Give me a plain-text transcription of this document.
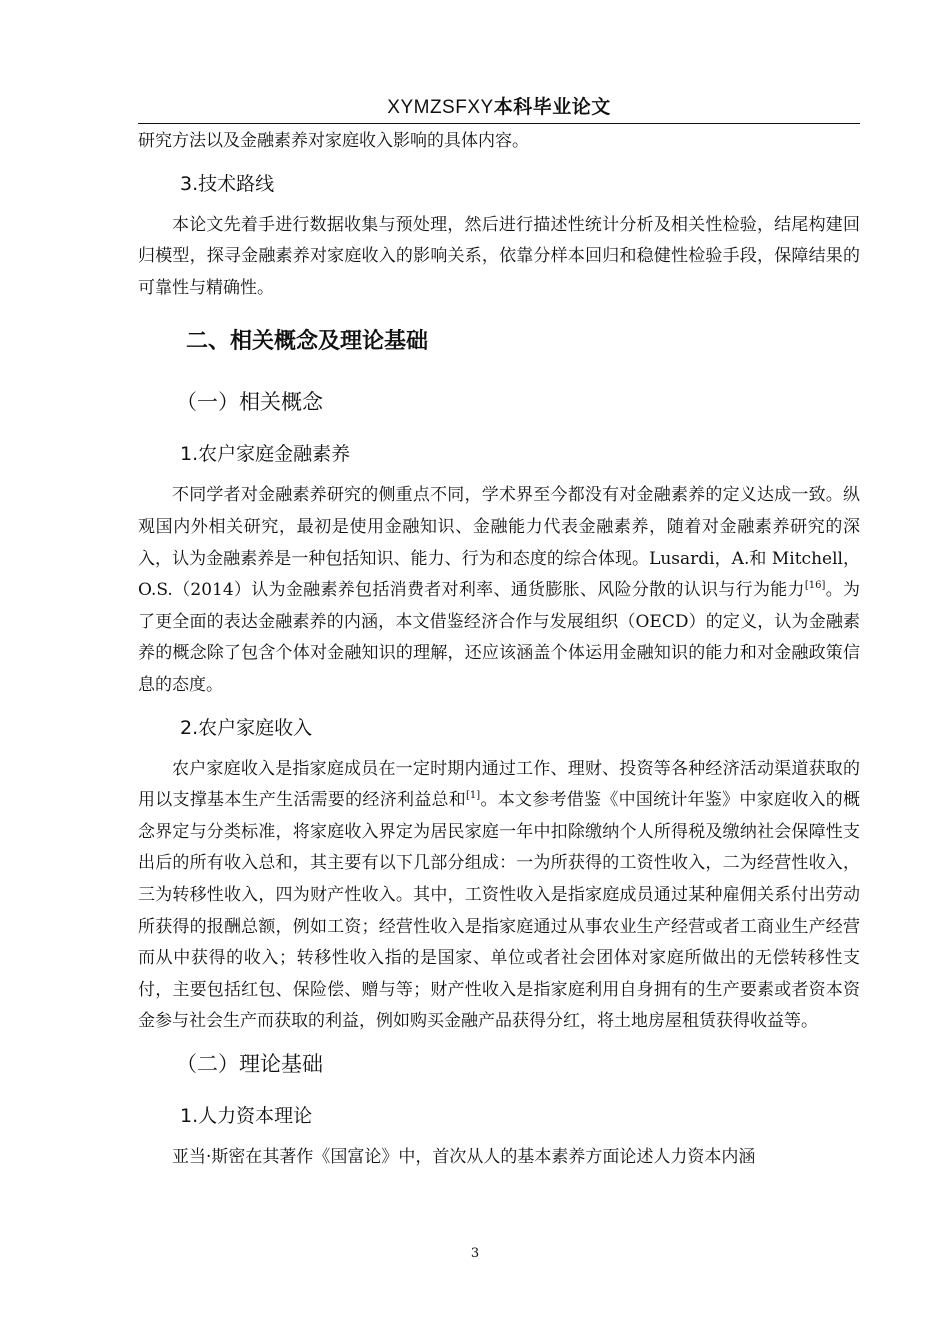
XYMZSFXY本科毕业论文

研究方法以及金融素养对家庭收入影响的具体内容。

3.技术路线

本论文先着手进行数据收集与预处理，然后进行描述性统计分析及相关性检验，结尾构建回归模型，探寻金融素养对家庭收入的影响关系，依靠分样本回归和稳健性检验手段，保障结果的可靠性与精确性。

二、相关概念及理论基础
（一）相关概念
1.农户家庭金融素养

不同学者对金融素养研究的侧重点不同，学术界至今都没有对金融素养的定义达成一致。纵观国内外相关研究，最初是使用金融知识、金融能力代表金融素养，随着对金融素养研究的深入，认为金融素养是一种包括知识、能力、行为和态度的综合体现。Lusardi，A.和 Mitchell，O.S.（2014）认为金融素养包括消费者对利率、通货膨胀、风险分散的认识与行为能力[16]。为了更全面的表达金融素养的内涵，本文借鉴经济合作与发展组织（OECD）的定义，认为金融素养的概念除了包含个体对金融知识的理解，还应该涵盖个体运用金融知识的能力和对金融政策信息的态度。

2.农户家庭收入

农户家庭收入是指家庭成员在一定时期内通过工作、理财、投资等各种经济活动渠道获取的用以支撑基本生产生活需要的经济利益总和[1]。本文参考借鉴《中国统计年鉴》中家庭收入的概念界定与分类标准，将家庭收入界定为居民家庭一年中扣除缴纳个人所得税及缴纳社会保障性支出后的所有收入总和，其主要有以下几部分组成：一为所获得的工资性收入，二为经营性收入，三为转移性收入，四为财产性收入。其中，工资性收入是指家庭成员通过某种雇佣关系付出劳动所获得的报酬总额，例如工资；经营性收入是指家庭通过从事农业生产经营或者工商业生产经营而从中获得的收入；转移性收入指的是国家、单位或者社会团体对家庭所做出的无偿转移性支付，主要包括红包、保险偿、赠与等；财产性收入是指家庭利用自身拥有的生产要素或者资本资金参与社会生产而获取的利益，例如购买金融产品获得分红，将土地房屋租赁获得收益等。

（二）理论基础
1.人力资本理论

亚当·斯密在其著作《国富论》中，首次从人的基本素养方面论述人力资本内涵

3
